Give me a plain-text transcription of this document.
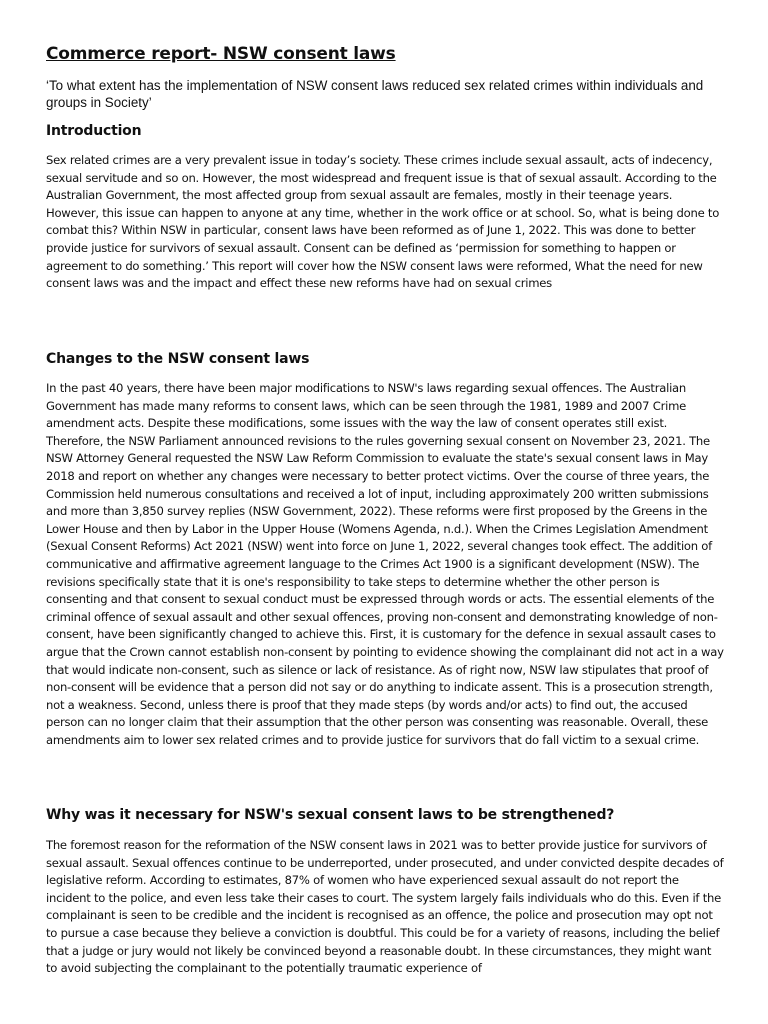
Commerce report- NSW consent laws

‘To what extent has the implementation of NSW consent laws reduced sex related crimes within individuals and groups in Society’

Introduction

Sex related crimes are a very prevalent issue in today’s society. These crimes include sexual assault, acts of indecency, sexual servitude and so on. However, the most widespread and frequent issue is that of sexual assault. According to the Australian Government, the most affected group from sexual assault are females, mostly in their teenage years. However, this issue can happen to anyone at any time, whether in the work office or at school. So, what is being done to combat this? Within NSW in particular, consent laws have been reformed as of June 1, 2022. This was done to better provide justice for survivors of sexual assault. Consent can be defined as ‘permission for something to happen or agreement to do something.’ This report will cover how the NSW consent laws were reformed, What the need for new consent laws was and the impact and effect these new reforms have had on sexual crimes

Changes to the NSW consent laws

In the past 40 years, there have been major modifications to NSW's laws regarding sexual offences. The Australian Government has made many reforms to consent laws, which can be seen through the 1981, 1989 and 2007 Crime amendment acts. Despite these modifications, some issues with the way the law of consent operates still exist. Therefore, the NSW Parliament announced revisions to the rules governing sexual consent on November 23, 2021. The NSW Attorney General requested the NSW Law Reform Commission to evaluate the state's sexual consent laws in May 2018 and report on whether any changes were necessary to better protect victims. Over the course of three years, the Commission held numerous consultations and received a lot of input, including approximately 200 written submissions and more than 3,850 survey replies (NSW Government, 2022). These reforms were first proposed by the Greens in the Lower House and then by Labor in the Upper House (Womens Agenda, n.d.). When the Crimes Legislation Amendment (Sexual Consent Reforms) Act 2021 (NSW) went into force on June 1, 2022, several changes took effect. The addition of communicative and affirmative agreement language to the Crimes Act 1900 is a significant development (NSW). The revisions specifically state that it is one's responsibility to take steps to determine whether the other person is consenting and that consent to sexual conduct must be expressed through words or acts. The essential elements of the criminal offence of sexual assault and other sexual offences, proving non-consent and demonstrating knowledge of non-consent, have been significantly changed to achieve this. First, it is customary for the defence in sexual assault cases to argue that the Crown cannot establish non-consent by pointing to evidence showing the complainant did not act in a way that would indicate non-consent, such as silence or lack of resistance. As of right now, NSW law stipulates that proof of non-consent will be evidence that a person did not say or do anything to indicate assent. This is a prosecution strength, not a weakness. Second, unless there is proof that they made steps (by words and/or acts) to find out, the accused person can no longer claim that their assumption that the other person was consenting was reasonable. Overall, these amendments aim to lower sex related crimes and to provide justice for survivors that do fall victim to a sexual crime.

Why was it necessary for NSW's sexual consent laws to be strengthened?

The foremost reason for the reformation of the NSW consent laws in 2021 was to better provide justice for survivors of sexual assault. Sexual offences continue to be underreported, under prosecuted, and under convicted despite decades of legislative reform. According to estimates, 87% of women who have experienced sexual assault do not report the incident to the police, and even less take their cases to court. The system largely fails individuals who do this. Even if the complainant is seen to be credible and the incident is recognised as an offence, the police and prosecution may opt not to pursue a case because they believe a conviction is doubtful. This could be for a variety of reasons, including the belief that a judge or jury would not likely be convinced beyond a reasonable doubt. In these circumstances, they might want to avoid subjecting the complainant to the potentially traumatic experience of
